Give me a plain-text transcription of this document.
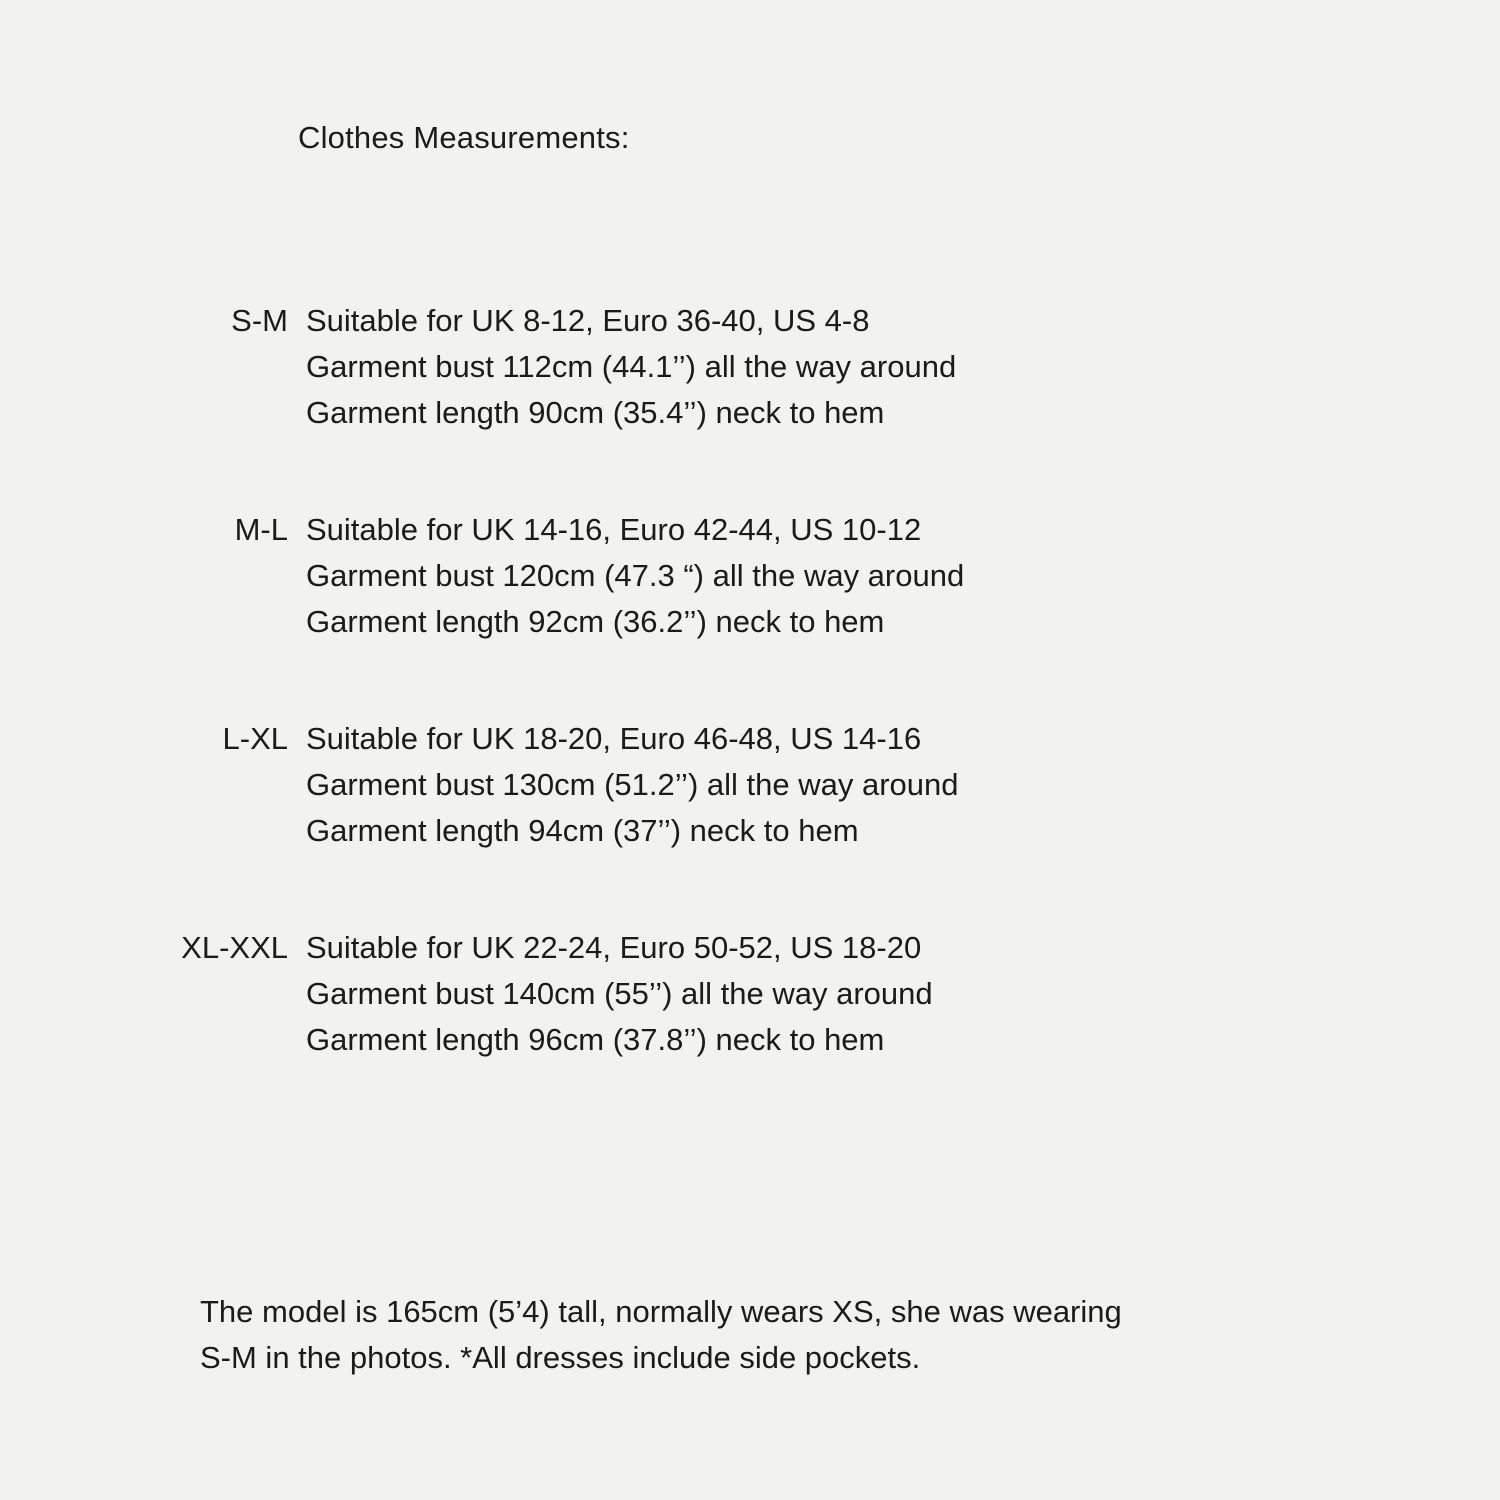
Clothes Measurements:
S-M Suitable for UK 8-12, Euro 36-40, US 4-8
Garment bust 112cm (44.1’’) all the way around
Garment length 90cm (35.4’’) neck to hem
M-L Suitable for UK 14-16, Euro 42-44, US 10-12
Garment bust 120cm (47.3 “) all the way around
Garment length 92cm (36.2’’) neck to hem
L-XL Suitable for UK 18-20, Euro 46-48, US 14-16
Garment bust 130cm (51.2’’) all the way around
Garment length 94cm (37’’) neck to hem
XL-XXL Suitable for UK 22-24, Euro 50-52, US 18-20
Garment bust 140cm (55’’) all the way around
Garment length 96cm (37.8’’) neck to hem
The model is 165cm (5’4) tall, normally wears XS, she was wearing
S-M in the photos. *All dresses include side pockets.
